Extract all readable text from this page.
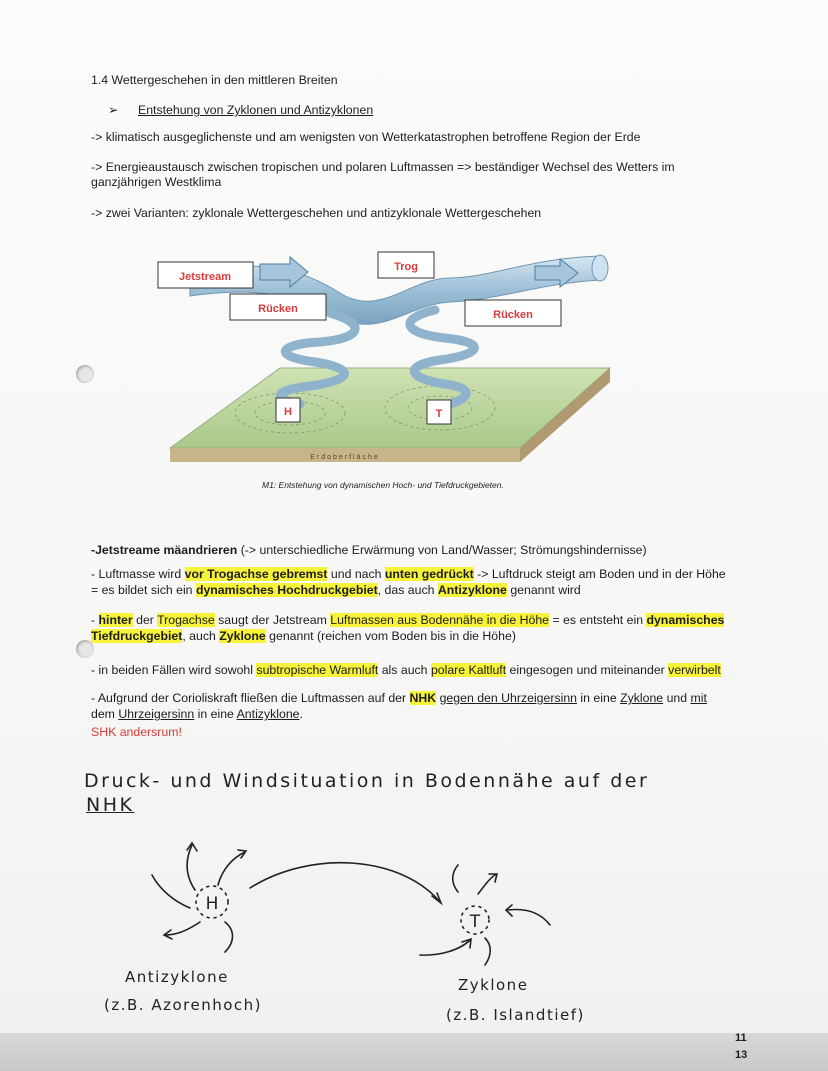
1.4 Wettergeschehen in den mittleren Breiten
➢ Entstehung von Zyklonen und Antizyklonen
-> klimatisch ausgeglichenste und am wenigsten von Wetterkatastrophen betroffene Region der Erde
-> Energieaustausch zwischen tropischen und polaren Luftmassen => beständiger Wechsel des Wetters im
ganzjährigen Westklima
-> zwei Varianten: zyklonale Wettergeschehen und antizyklonale Wettergeschehen
Jetstream
Trog
Rücken	Rücken
H	T
Erdoberfläche
M1: Entstehung von dynamischen Hoch- und Tiefdruckgebieten.
-Jetstreame mäandrieren (-> unterschiedliche Erwärmung von Land/Wasser; Strömungshindernisse)
- Luftmasse wird vor Trogachse gebremst und nach unten gedrückt -> Luftdruck steigt am Boden und in der Höhe
= es bildet sich ein dynamisches Hochdruckgebiet, das auch Antizyklone genannt wird
- hinter der Trogachse saugt der Jetstream Luftmassen aus Bodennähe in die Höhe = es entsteht ein dynamisches
Tiefdruckgebiet, auch Zyklone genannt (reichen vom Boden bis in die Höhe)
- in beiden Fällen wird sowohl subtropische Warmluft als auch polare Kaltluft eingesogen und miteinander verwirbelt
- Aufgrund der Corioliskraft fließen die Luftmassen auf der NHK gegen den Uhrzeigersinn in eine Zyklone und mit
dem Uhrzeigersinn in eine Antizyklone.
SHK andersrum!
Druck- und Windsituation in Bodennähe auf der
NHK
H
T
Antizyklone
(z.B. Azorenhoch)
Zyklone
(z.B. Islandtief)
11
13
